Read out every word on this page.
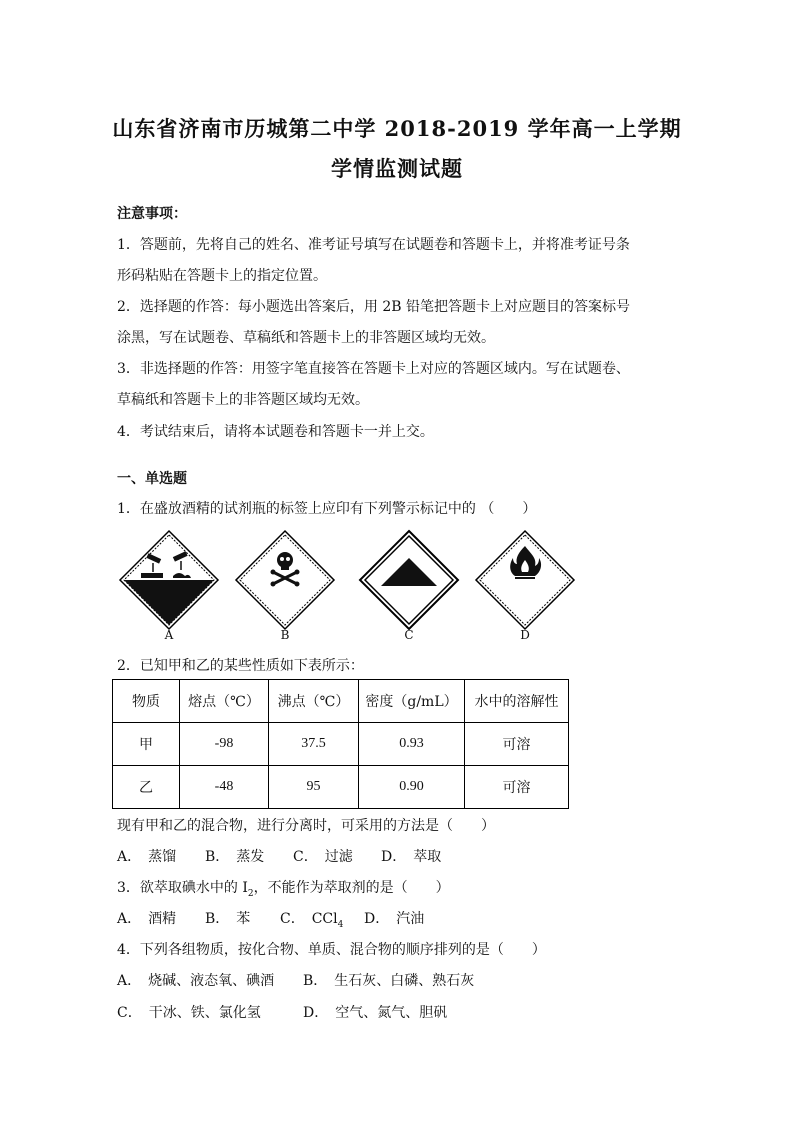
山东省济南市历城第二中学 2018-2019 学年高一上学期
学情监测试题
注意事项：
1．答题前，先将自己的姓名、准考证号填写在试题卷和答题卡上，并将准考证号条
形码粘贴在答题卡上的指定位置。
2．选择题的作答：每小题选出答案后，用 2B 铅笔把答题卡上对应题目的答案标号
涂黑，写在试题卷、草稿纸和答题卡上的非答题区域均无效。
3．非选择题的作答：用签字笔直接答在答题卡上对应的答题区域内。写在试题卷、
草稿纸和答题卡上的非答题区域均无效。
4．考试结束后，请将本试题卷和答题卡一并上交。
一、单选题
1．在盛放酒精的试剂瓶的标签上应印有下列警示标记中的 （　　）
A	B	C	D
2．已知甲和乙的某些性质如下表所示：
物质	熔点（℃）	沸点（℃）	密度（g/mL）	水中的溶解性
甲	-98	37.5	0.93	可溶
乙	-48	95	0.90	可溶
现有甲和乙的混合物，进行分离时，可采用的方法是（　　）
A．　蒸馏 B．　蒸发 C．　过滤 D．　萃取
3．欲萃取碘水中的 $I_2$，不能作为萃取剂的是（　　）
A．　酒精 B．　苯 C．　CCl$_4$ D．　汽油
4．下列各组物质，按化合物、单质、混合物的顺序排列的是（　　）
A．　烧碱、液态氧、碘酒 B．　生石灰、白磷、熟石灰
C．　干冰、铁、氯化氢	D．　空气、氮气、胆矾
